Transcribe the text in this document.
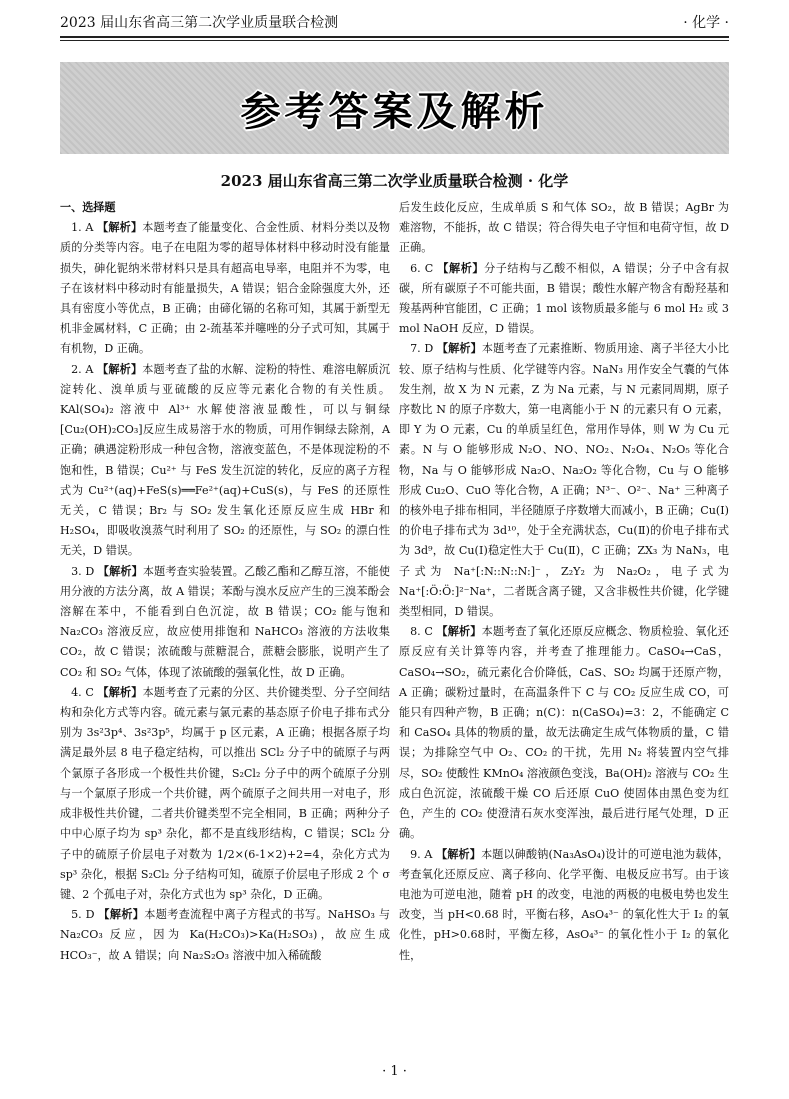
2023 届山东省高三第二次学业质量联合检测	· 化学 ·
参考答案及解析
2023 届山东省高三第二次学业质量联合检测 · 化学
一、选择题

1. A 【解析】本题考查了能量变化、合金性质、材料分类以及物质的分类等内容。电子在电阻为零的超导体材料中移动时没有能量损失，砷化铌纳米带材料只是具有超高电导率，电阻并不为零，电子在该材料中移动时有能量损失，A 错误；铝合金除强度大外，还具有密度小等优点，B 正确；由碲化镉的名称可知，其属于新型无机非金属材料，C 正确；由 2-巯基苯并噻唑的分子式可知，其属于有机物，D 正确。

2. A 【解析】本题考查了盐的水解、淀粉的特性、难溶电解质沉淀转化、溴单质与亚硫酸的反应等元素化合物的有关性质。KAl(SO₄)₂ 溶液中 Al³⁺ 水解使溶液显酸性，可以与铜绿[Cu₂(OH)₂CO₃]反应生成易溶于水的物质，可用作铜绿去除剂，A 正确；碘遇淀粉形成一种包含物，溶液变蓝色，不是体现淀粉的不饱和性，B 错误；Cu²⁺ 与 FeS 发生沉淀的转化，反应的离子方程式为 Cu²⁺(aq)+FeS(s)══Fe²⁺(aq)+CuS(s)，与 FeS 的还原性无关，C 错误；Br₂ 与 SO₂ 发生氧化还原反应生成 HBr 和 H₂SO₄，即吸收溴蒸气时利用了 SO₂ 的还原性，与 SO₂ 的漂白性无关，D 错误。

3. D 【解析】本题考查实验装置。乙酸乙酯和乙醇互溶，不能使用分液的方法分离，故 A 错误；苯酚与溴水反应产生的三溴苯酚会溶解在苯中，不能看到白色沉淀，故 B 错误；CO₂ 能与饱和 Na₂CO₃ 溶液反应，故应使用排饱和 NaHCO₃ 溶液的方法收集 CO₂，故 C 错误；浓硫酸与蔗糖混合，蔗糖会膨胀，说明产生了 CO₂ 和 SO₂ 气体，体现了浓硫酸的强氧化性，故 D 正确。

4. C 【解析】本题考查了元素的分区、共价键类型、分子空间结构和杂化方式等内容。硫元素与氯元素的基态原子价电子排布式分别为 3s²3p⁴、3s²3p⁵，均属于 p 区元素，A 正确；根据各原子均满足最外层 8 电子稳定结构，可以推出 SCl₂ 分子中的硫原子与两个氯原子各形成一个极性共价键，S₂Cl₂ 分子中的两个硫原子分别与一个氯原子形成一个共价键，两个硫原子之间共用一对电子，形成非极性共价键，二者共价键类型不完全相同，B 正确；两种分子中中心原子均为 sp³ 杂化，都不是直线形结构，C 错误；SCl₂ 分子中的硫原子价层电子对数为 1/2×(6-1×2)+2=4，杂化方式为 sp³ 杂化，根据 S₂Cl₂ 分子结构可知，硫原子价层电子形成 2 个 σ 键、2 个孤电子对，杂化方式也为 sp³ 杂化，D 正确。

5. D 【解析】本题考查流程中离子方程式的书写。NaHSO₃ 与 Na₂CO₃ 反应，因为 Ka(H₂CO₃)>Ka(H₂SO₃)，故应生成 HCO₃⁻，故 A 错误；向 Na₂S₂O₃ 溶液中加入稀硫酸

后发生歧化反应，生成单质 S 和气体 SO₂，故 B 错误；AgBr 为难溶物，不能拆，故 C 错误；符合得失电子守恒和电荷守恒，故 D 正确。

6. C 【解析】分子结构与乙酸不相似，A 错误；分子中含有叔碳，所有碳原子不可能共面，B 错误；酸性水解产物含有酚羟基和羧基两种官能团，C 正确；1 mol 该物质最多能与 6 mol H₂ 或 3 mol NaOH 反应，D 错误。

7. D 【解析】本题考查了元素推断、物质用途、离子半径大小比较、原子结构与性质、化学键等内容。NaN₃ 用作安全气囊的气体发生剂，故 X 为 N 元素，Z 为 Na 元素，与 N 元素同周期，原子序数比 N 的原子序数大，第一电离能小于 N 的元素只有 O 元素，即 Y 为 O 元素，Cu 的单质呈红色，常用作导体，则 W 为 Cu 元素。N 与 O 能够形成 N₂O、NO、NO₂、N₂O₄、N₂O₅ 等化合物，Na 与 O 能够形成 Na₂O、Na₂O₂ 等化合物，Cu 与 O 能够形成 Cu₂O、CuO 等化合物，A 正确；N³⁻、O²⁻、Na⁺ 三种离子的核外电子排布相同，半径随原子序数增大而减小，B 正确；Cu(Ⅰ)的价电子排布式为 3d¹⁰，处于全充满状态，Cu(Ⅱ)的价电子排布式为 3d⁹，故 Cu(Ⅰ)稳定性大于 Cu(Ⅱ)，C 正确；ZX₃ 为 NaN₃，电子式为 Na⁺[:N::N::N:]⁻，Z₂Y₂ 为 Na₂O₂，电子式为 Na⁺[:Ö:Ö:]²⁻Na⁺，二者既含离子键，又含非极性共价键，化学键类型相同，D 错误。

8. C 【解析】本题考查了氧化还原反应概念、物质检验、氧化还原反应有关计算等内容，并考查了推理能力。CaSO₄→CaS，CaSO₄→SO₂，硫元素化合价降低，CaS、SO₂ 均属于还原产物，A 正确；碳粉过量时，在高温条件下 C 与 CO₂ 反应生成 CO，可能只有四种产物，B 正确；n(C)：n(CaSO₄)=3：2，不能确定 C 和 CaSO₄ 具体的物质的量，故无法确定生成气体物质的量，C 错误；为排除空气中 O₂、CO₂ 的干扰，先用 N₂ 将装置内空气排尽，SO₂ 使酸性 KMnO₄ 溶液颜色变浅，Ba(OH)₂ 溶液与 CO₂ 生成白色沉淀，浓硫酸干燥 CO 后还原 CuO 使固体由黑色变为红色，产生的 CO₂ 使澄清石灰水变浑浊，最后进行尾气处理，D 正确。

9. A 【解析】本题以砷酸钠(Na₃AsO₄)设计的可逆电池为载体，考查氧化还原反应、离子移向、化学平衡、电极反应书写。由于该电池为可逆电池，随着 pH 的改变，电池的两极的电极电势也发生改变，当 pH<0.68 时，平衡右移，AsO₄³⁻ 的氧化性大于 I₂ 的氧化性，pH>0.68时，平衡左移，AsO₄³⁻ 的氧化性小于 I₂ 的氧化性，

· 1 ·
